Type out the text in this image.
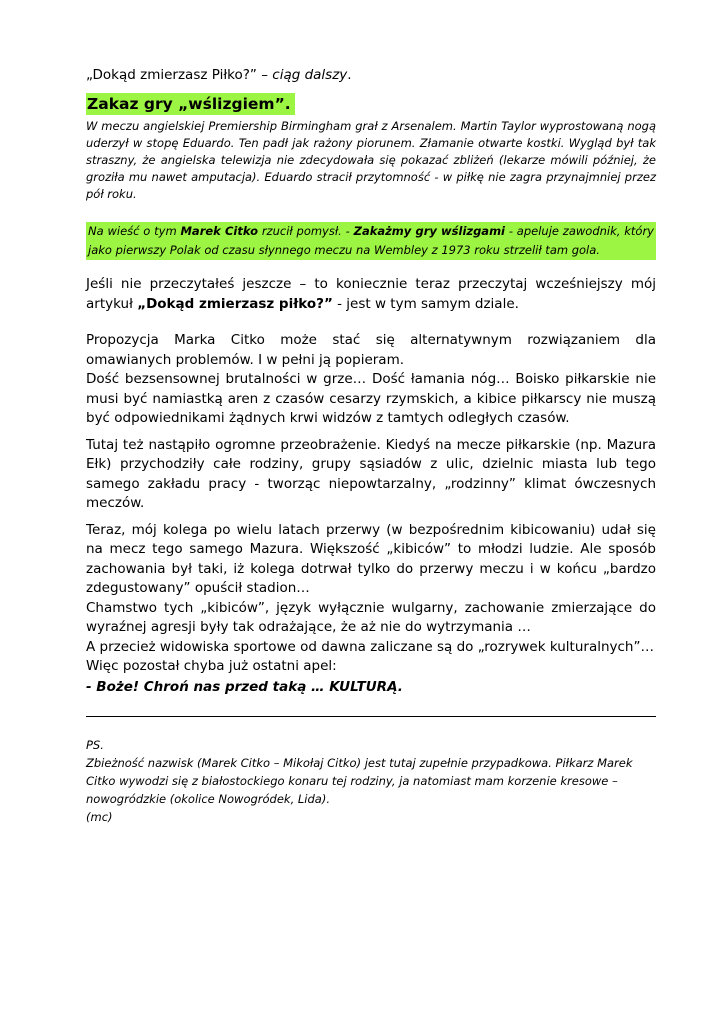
„Dokąd zmierzasz Piłko?” – ciąg dalszy.

Zakaz gry „wślizgiem”.

W meczu angielskiej Premiership Birmingham grał z Arsenalem. Martin Taylor wyprostowaną nogą uderzył w stopę Eduardo. Ten padł jak rażony piorunem. Złamanie otwarte kostki. Wygląd był tak straszny, że angielska telewizja nie zdecydowała się pokazać zbliżeń (lekarze mówili później, że groziła mu nawet amputacja). Eduardo stracił przytomność - w piłkę nie zagra przynajmniej przez pół roku.

Na wieść o tym Marek Citko rzucił pomysł. - Zakażmy gry wślizgami - apeluje zawodnik, który jako pierwszy Polak od czasu słynnego meczu na Wembley z 1973 roku strzelił tam gola.

Jeśli nie przeczytałeś jeszcze – to koniecznie teraz przeczytaj wcześniejszy mój artykuł „Dokąd zmierzasz piłko?” - jest w tym samym dziale.

Propozycja Marka Citko może stać się alternatywnym rozwiązaniem dla omawianych problemów. I w pełni ją popieram.

Dość bezsensownej brutalności w grze… Dość łamania nóg… Boisko piłkarskie nie musi być namiastką aren z czasów cesarzy rzymskich, a kibice piłkarscy nie muszą być odpowiednikami żądnych krwi widzów z tamtych odległych czasów.

Tutaj też nastąpiło ogromne przeobrażenie. Kiedyś na mecze piłkarskie (np. Mazura Ełk) przychodziły całe rodziny, grupy sąsiadów z ulic, dzielnic miasta lub tego samego zakładu pracy - tworząc niepowtarzalny, „rodzinny” klimat ówczesnych meczów.

Teraz, mój kolega po wielu latach przerwy (w bezpośrednim kibicowaniu) udał się na mecz tego samego Mazura. Większość „kibiców” to młodzi ludzie. Ale sposób zachowania był taki, iż kolega dotrwał tylko do przerwy meczu i w końcu „bardzo zdegustowany” opuścił stadion…

Chamstwo tych „kibiców”, język wyłącznie wulgarny, zachowanie zmierzające do wyraźnej agresji były tak odrażające, że aż nie do wytrzymania …

A przecież widowiska sportowe od dawna zaliczane są do „rozrywek kulturalnych”…

Więc pozostał chyba już ostatni apel:

- Boże! Chroń nas przed taką … KULTURĄ.

PS.

Zbieżność nazwisk (Marek Citko – Mikołaj Citko) jest tutaj zupełnie przypadkowa. Piłkarz Marek Citko wywodzi się z białostockiego konaru tej rodziny, ja natomiast mam korzenie kresowe – nowogródzkie (okolice Nowogródek, Lida).

(mc)
